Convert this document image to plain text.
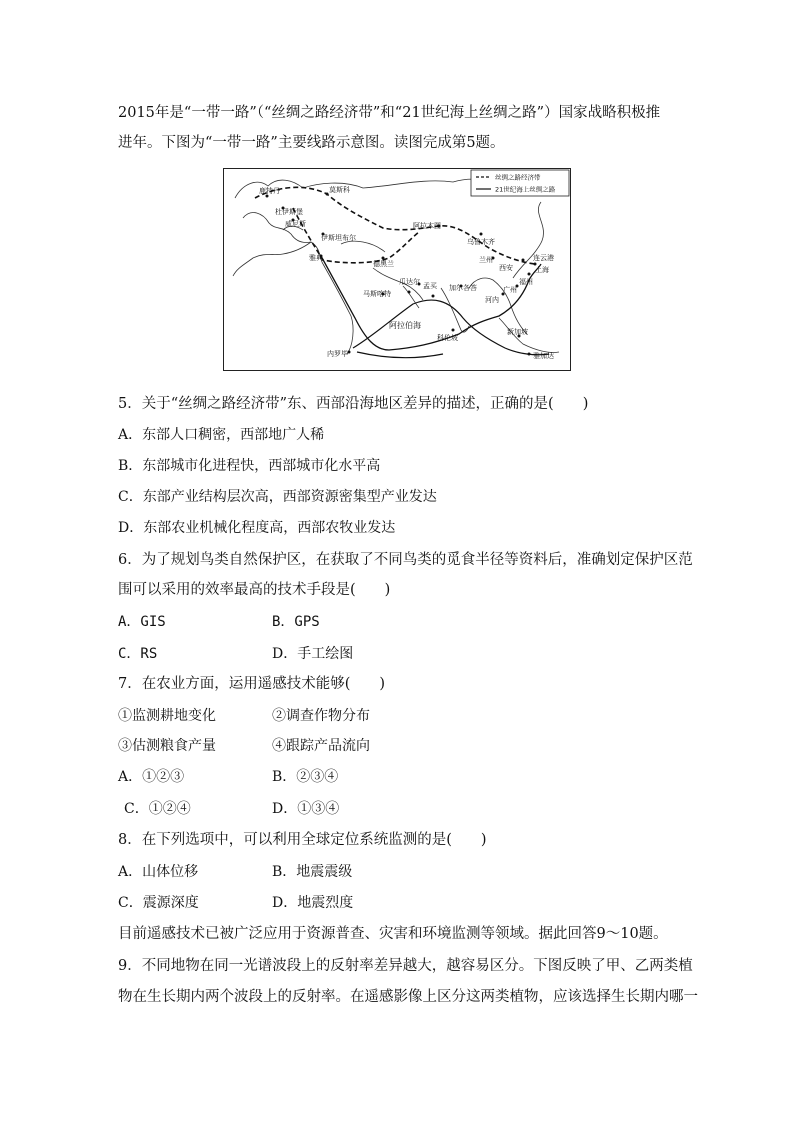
2015年是“一带一路”（“丝绸之路经济带”和“21世纪海上丝绸之路”）国家战略积极推
进年。下图为“一带一路”主要线路示意图。读图完成第5题。
丝绸之路经济带
21世纪海上丝绸之路
莫斯科
鹿特丹
杜伊斯堡
威尼斯
伊斯坦布尔
雅典
德黑兰
阿拉木图
乌鲁木齐
兰州
西安
连云港
上海
福州
广州
河内
加尔各答
孟买
瓜达尔
马斯喀特
阿拉伯海
科伦坡
内罗毕
新加坡
雅加达
5．关于“丝绸之路经济带”东、西部沿海地区差异的描述，正确的是(　　)
A．东部人口稠密，西部地广人稀
B．东部城市化进程快，西部城市化水平高
C．东部产业结构层次高，西部资源密集型产业发达
D．东部农业机械化程度高，西部农牧业发达
6．为了规划鸟类自然保护区，在获取了不同鸟类的觅食半径等资料后，准确划定保护区范
围可以采用的效率最高的技术手段是(　　)
A．GIS	B．GPS
C．RS	D．手工绘图
7．在农业方面，运用遥感技术能够(　　)
①监测耕地变化	②调查作物分布
③估测粮食产量	④跟踪产品流向
A．①②③	B．②③④
C．①②④	D．①③④
8．在下列选项中，可以利用全球定位系统监测的是(　　)
A．山体位移	B．地震震级
C．震源深度	D．地震烈度
目前遥感技术已被广泛应用于资源普查、灾害和环境监测等领域。据此回答9～10题。
9．不同地物在同一光谱波段上的反射率差异越大，越容易区分。下图反映了甲、乙两类植
物在生长期内两个波段上的反射率。在遥感影像上区分这两类植物，应该选择生长期内哪一
